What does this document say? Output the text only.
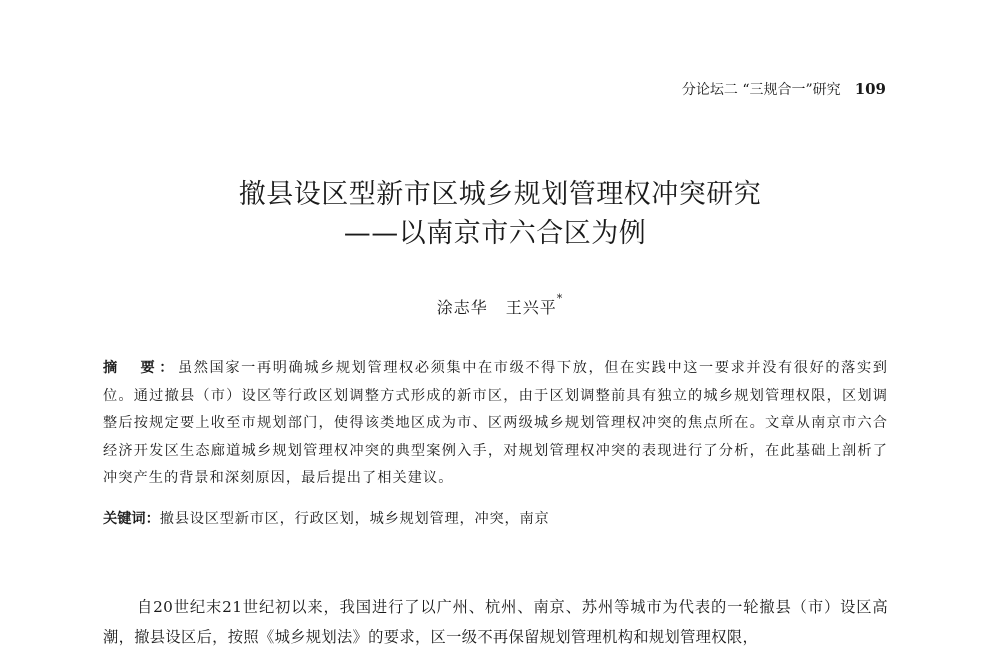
分论坛二 “三规合一”研究 109
撤县设区型新市区城乡规划管理权冲突研究
——以南京市六合区为例
涂志华 王兴平*
摘　要：虽然国家一再明确城乡规划管理权必须集中在市级不得下放，但在实践中这一要求并没有很好的落实到位。通过撤县（市）设区等行政区划调整方式形成的新市区，由于区划调整前具有独立的城乡规划管理权限，区划调整后按规定要上收至市规划部门，使得该类地区成为市、区两级城乡规划管理权冲突的焦点所在。文章从南京市六合经济开发区生态廊道城乡规划管理权冲突的典型案例入手，对规划管理权冲突的表现进行了分析，在此基础上剖析了冲突产生的背景和深刻原因，最后提出了相关建议。
关键词：撤县设区型新市区，行政区划，城乡规划管理，冲突，南京
自20世纪末21世纪初以来，我国进行了以广州、杭州、南京、苏州等城市为代表的一轮撤县（市）设区高潮，撤县设区后，按照《城乡规划法》的要求，区一级不再保留规划管理机构和规划管理权限，
